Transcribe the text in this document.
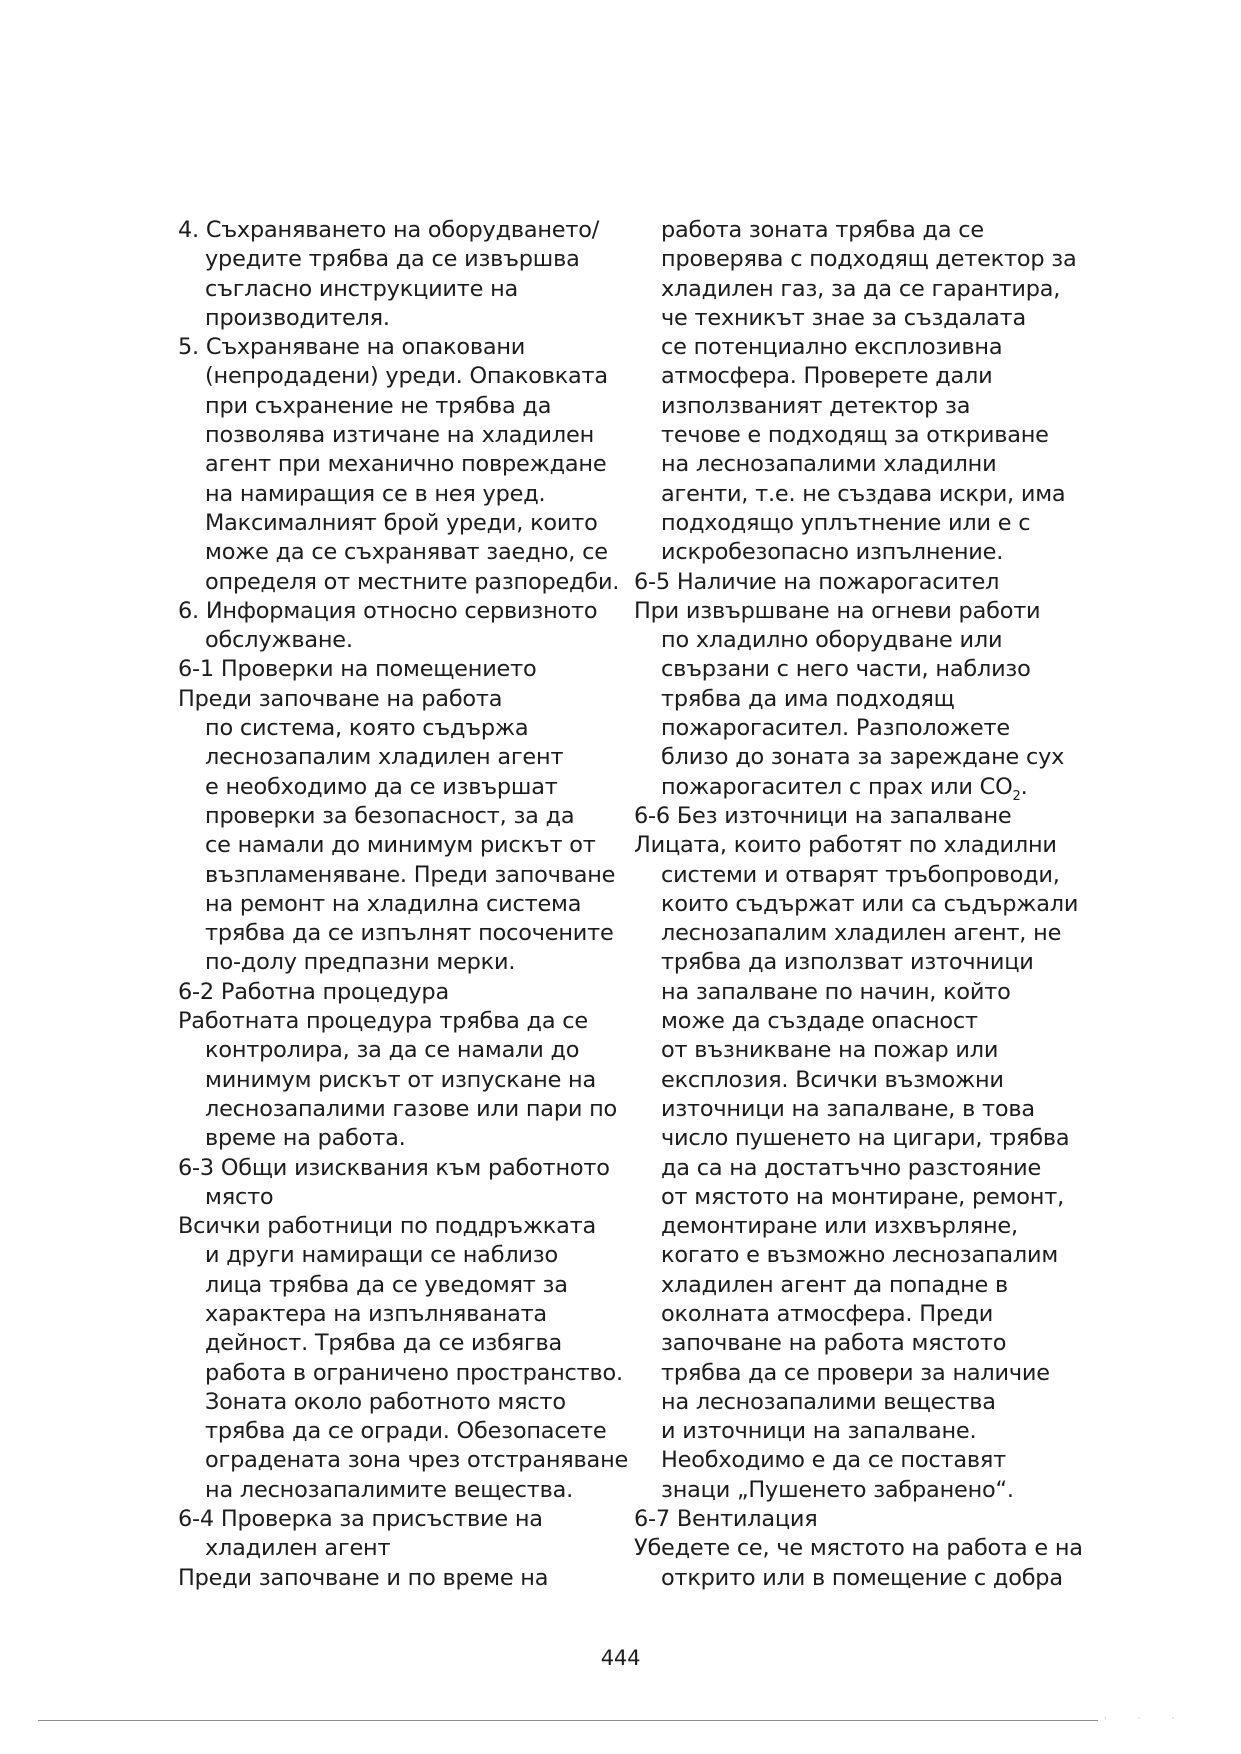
4. Съхраняването на оборудването/
уредите трябва да се извършва
съгласно инструкциите на
производителя.
5. Съхраняване на опаковани
(непродадени) уреди. Опаковката
при съхранение не трябва да
позволява изтичане на хладилен
агент при механично повреждане
на намиращия се в нея уред.
Максималният брой уреди, които
може да се съхраняват заедно, се
определя от местните разпоредби.
6. Информация относно сервизното
обслужване.
6-1 Проверки на помещението
Преди започване на работа
по система, която съдържа
леснозапалим хладилен агент
е необходимо да се извършат
проверки за безопасност, за да
се намали до минимум рискът от
възпламеняване. Преди започване
на ремонт на хладилна система
трябва да се изпълнят посочените
по-долу предпазни мерки.
6-2 Работна процедура
Работната процедура трябва да се
контролира, за да се намали до
минимум рискът от изпускане на
леснозапалими газове или пари по
време на работа.
6-3 Общи изисквания към работното
място
Всички работници по поддръжката
и други намиращи се наблизо
лица трябва да се уведомят за
характера на изпълняваната
дейност. Трябва да се избягва
работа в ограничено пространство.
Зоната около работното място
трябва да се огради. Обезопасете
оградената зона чрез отстраняване
на леснозапалимите вещества.
6-4 Проверка за присъствие на
хладилен агент
Преди започване и по време на
работа зоната трябва да се
проверява с подходящ детектор за
хладилен газ, за да се гарантира,
че техникът знае за създалата
се потенциално експлозивна
атмосфера. Проверете дали
използваният детектор за
течове е подходящ за откриване
на леснозапалими хладилни
агенти, т.е. не създава искри, има
подходящо уплътнение или е с
искробезопасно изпълнение.
6-5 Наличие на пожарогасител
При извършване на огневи работи
по хладилно оборудване или
свързани с него части, наблизо
трябва да има подходящ
пожарогасител. Разположете
близо до зоната за зареждане сух
пожарогасител с прах или $CO_2$.
6-6 Без източници на запалване
Лицата, които работят по хладилни
системи и отварят тръбопроводи,
които съдържат или са съдържали
леснозапалим хладилен агент, не
трябва да използват източници
на запалване по начин, който
може да създаде опасност
от възникване на пожар или
експлозия. Всички възможни
източници на запалване, в това
число пушенето на цигари, трябва
да са на достатъчно разстояние
от мястото на монтиране, ремонт,
демонтиране или изхвърляне,
когато е възможно леснозапалим
хладилен агент да попадне в
околната атмосфера. Преди
започване на работа мястото
трябва да се провери за наличие
на леснозапалими вещества
и източници на запалване.
Необходимо е да се поставят
знаци „Пушенето забранено“.
6-7 Вентилация
Убедете се, че мястото на работа е на
открито или в помещение с добра
444
· · ·
